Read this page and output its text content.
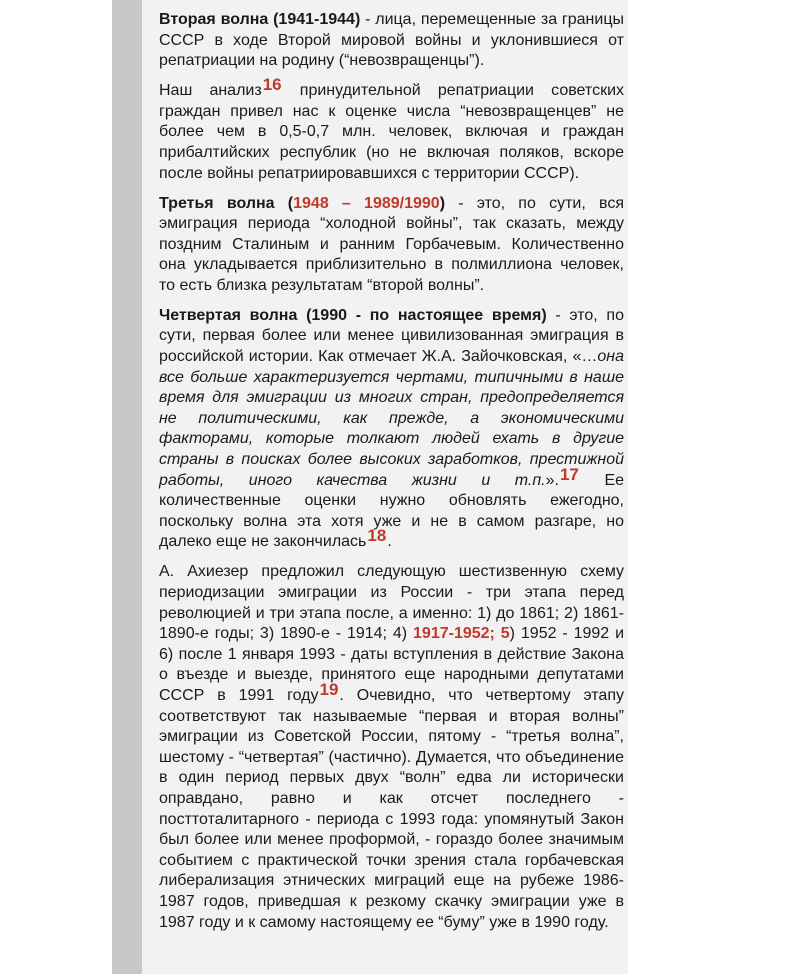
Вторая волна (1941-1944) - лица, перемещенные за границы СССР в ходе Второй мировой войны и уклонившиеся от репатриации на родину (“невозвращенцы”).

Наш анализ16 принудительной репатриации советских граждан привел нас к оценке числа “невозвращенцев” не более чем в 0,5-0,7 млн. человек, включая и граждан прибалтийских республик (но не включая поляков, вскоре после войны репатриировавшихся с территории СССР).

Третья волна (1948 – 1989/1990) - это, по сути, вся эмиграция периода “холодной войны”, так сказать, между поздним Сталиным и ранним Горбачевым. Количественно она укладывается приблизительно в полмиллиона человек, то есть близка результатам “второй волны”.

Четвертая волна (1990 - по настоящее время) - это, по сути, первая более или менее цивилизованная эмиграция в российской истории. Как отмечает Ж.А. Зайочковская, «…она все больше характеризуется чертами, типичными в наше время для эмиграции из многих стран, предопределяется не политическими, как прежде, а экономическими факторами, которые толкают людей ехать в другие страны в поисках более высоких заработков, престижной работы, иного качества жизни и т.п.».17 Ее количественные оценки нужно обновлять ежегодно, поскольку волна эта хотя уже и не в самом разгаре, но далеко еще не закончилась18.

А. Ахиезер предложил следующую шестизвенную схему периодизации эмиграции из России - три этапа перед революцией и три этапа после, а именно: 1) до 1861; 2) 1861-1890-е годы; 3) 1890-е - 1914; 4) 1917-1952; 5) 1952 - 1992 и 6) после 1 января 1993 - даты вступления в действие Закона о въезде и выезде, принятого еще народными депутатами СССР в 1991 году19. Очевидно, что четвертому этапу соответствуют так называемые “первая и вторая волны” эмиграции из Советской России, пятому - “третья волна”, шестому - “четвертая” (частично). Думается, что объединение в один период первых двух “волн” едва ли исторически оправдано, равно и как отсчет последнего - посттоталитарного - периода с 1993 года: упомянутый Закон был более или менее проформой, - гораздо более значимым событием с практической точки зрения стала горбачевская либерализация этнических миграций еще на рубеже 1986-1987 годов, приведшая к резкому скачку эмиграции уже в 1987 году и к самому настоящему ее “буму” уже в 1990 году.
